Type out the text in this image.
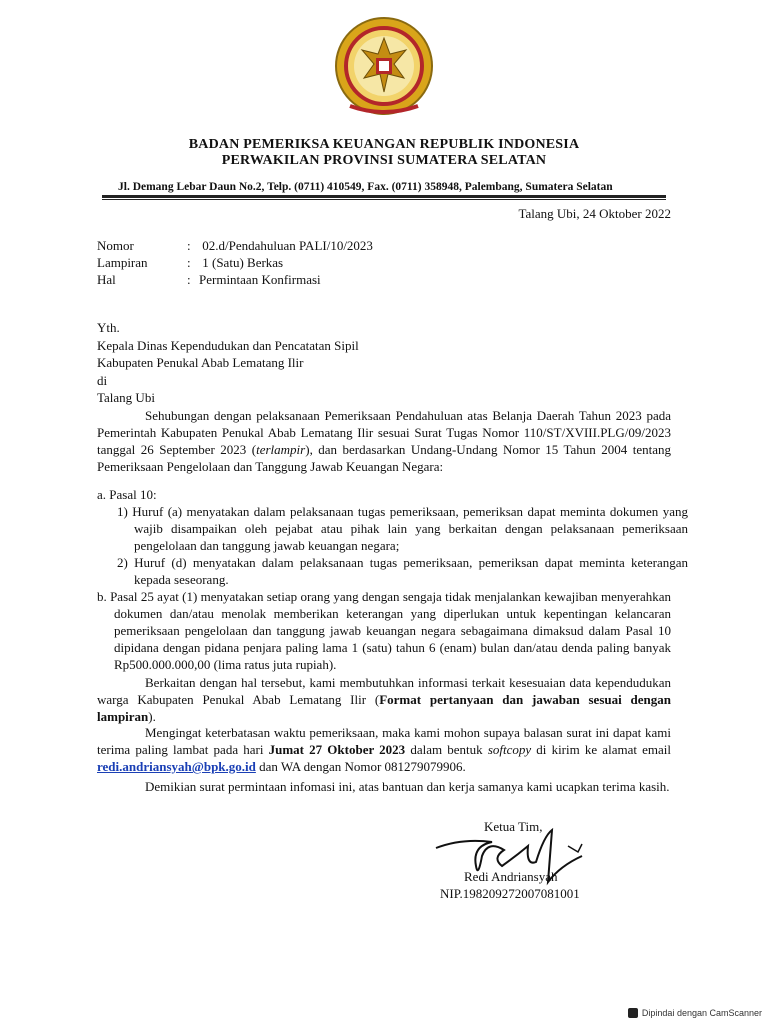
BADAN PEMERIKSA KEUANGAN REPUBLIK INDONESIA
PERWAKILAN PROVINSI SUMATERA SELATAN
Jl. Demang Lebar Daun No.2, Telp. (0711) 410549, Fax. (0711) 358948, Palembang, Sumatera Selatan
Talang Ubi, 24 Oktober 2022
Nomor	: 02.d/Pendahuluan PALI/10/2023
Lampiran	: 1 (Satu) Berkas
Hal	: Permintaan Konfirmasi
Yth.
Kepala Dinas Kependudukan dan Pencatatan Sipil
Kabupaten Penukal Abab Lematang Ilir
di
Talang Ubi
Sehubungan dengan pelaksanaan Pemeriksaan Pendahuluan atas Belanja Daerah Tahun 2023 pada Pemerintah Kabupaten Penukal Abab Lematang Ilir sesuai Surat Tugas Nomor 110/ST/XVIII.PLG/09/2023 tanggal 26 September 2023 (terlampir), dan berdasarkan Undang-Undang Nomor 15 Tahun 2004 tentang Pemeriksaan Pengelolaan dan Tanggung Jawab Keuangan Negara:
a. Pasal 10:
1) Huruf (a) menyatakan dalam pelaksanaan tugas pemeriksaan, pemeriksan dapat meminta dokumen yang wajib disampaikan oleh pejabat atau pihak lain yang berkaitan dengan pelaksanaan pemeriksaan pengelolaan dan tanggung jawab keuangan negara;
2) Huruf (d) menyatakan dalam pelaksanaan tugas pemeriksaan, pemeriksan dapat meminta keterangan kepada seseorang.
b. Pasal 25 ayat (1) menyatakan setiap orang yang dengan sengaja tidak menjalankan kewajiban menyerahkan dokumen dan/atau menolak memberikan keterangan yang diperlukan untuk kepentingan kelancaran pemeriksaan pengelolaan dan tanggung jawab keuangan negara sebagaimana dimaksud dalam Pasal 10 dipidana dengan pidana penjara paling lama 1 (satu) tahun 6 (enam) bulan dan/atau denda paling banyak Rp500.000.000,00 (lima ratus juta rupiah).
Berkaitan dengan hal tersebut, kami membutuhkan informasi terkait kesesuaian data kependudukan warga Kabupaten Penukal Abab Lematang Ilir (Format pertanyaan dan jawaban sesuai dengan lampiran).
Mengingat keterbatasan waktu pemeriksaan, maka kami mohon supaya balasan surat ini dapat kami terima paling lambat pada hari Jumat 27 Oktober 2023 dalam bentuk softcopy di kirim ke alamat email redi.andriansyah@bpk.go.id dan WA dengan Nomor 081279079906.
Demikian surat permintaan infomasi ini, atas bantuan dan kerja samanya kami ucapkan terima kasih.
Ketua Tim,
Redi Andriansyah
NIP.198209272007081001
Dipindai dengan CamScanner
